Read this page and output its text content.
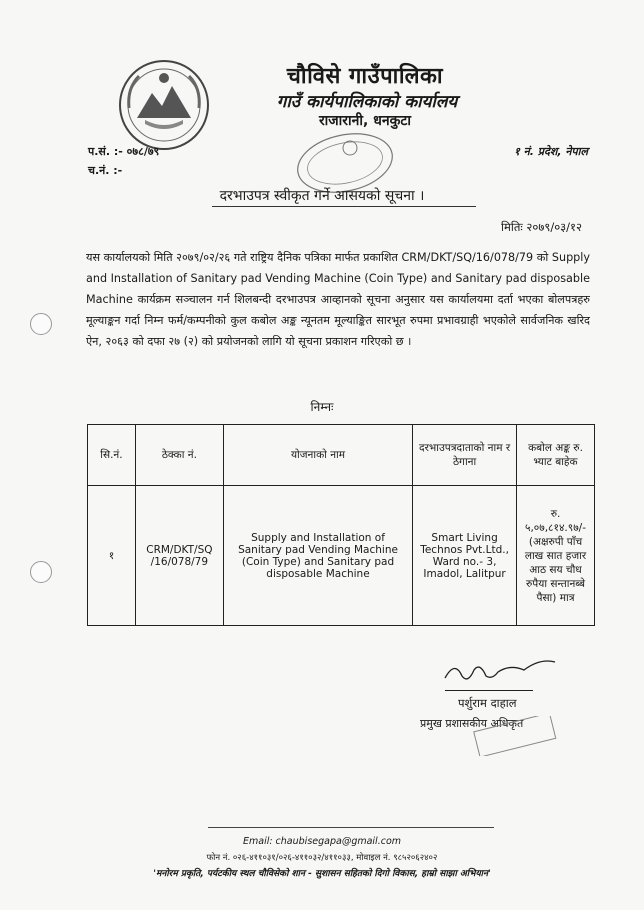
चौविसे गाउँपालिका
गाउँ कार्यपालिकाको कार्यालय
राजारानी, धनकुटा
प.सं. :- ०७८/७९
च.नं. :-
१ नं. प्रदेश, नेपाल
दरभाउपत्र स्वीकृत गर्ने आसयको सूचना ।
मितिः २०७९/०३/१२
यस कार्यालयको मिति २०७९/०२/२६ गते राष्ट्रिय दैनिक पत्रिका मार्फत प्रकाशित CRM/DKT/SQ/16/078/79 को Supply and Installation of Sanitary pad Vending Machine (Coin Type) and Sanitary pad disposable Machine कार्यक्रम सञ्चालन गर्न शिलबन्दी दरभाउपत्र आव्हानको सूचना अनुसार यस कार्यालयमा दर्ता भएका बोलपत्रहरु मूल्याङ्कन गर्दा निम्न फर्म/कम्पनीको कुल कबोल अङ्क न्यूनतम मूल्याङ्कित सारभूत रुपमा प्रभावग्राही भएकोले सार्वजनिक खरिद ऐन, २०६३ को दफा २७ (२) को प्रयोजनको लागि यो सूचना प्रकाशन गरिएको छ ।
निम्नः
सि.नं.	ठेक्का नं.	योजनाको नाम	दरभाउपत्रदाताको नाम र ठेगाना	कबोल अङ्क रु. भ्याट बाहेक
१	CRM/DKT/SQ /16/078/79	Supply and Installation of Sanitary pad Vending Machine (Coin Type) and Sanitary pad disposable Machine	Smart Living Technos Pvt.Ltd., Ward no.- 3, Imadol, Lalitpur	रु. ५,०७,८१४.९७/- (अक्षरुपी पाँच लाख सात हजार आठ सय चौध रुपैया सन्तानब्बे पैसा) मात्र
पर्शुराम दाहाल
प्रमुख प्रशासकीय अधिकृत
Email: chaubisegapa@gmail.com
फोन नं. ०२६-४११०३१/०२६-४११०३२/४११०३३, मोवाइल नं. ९८५२०६२४०२
'मनोरम प्रकृति, पर्यटकीय स्थल चौविसेको शान - सुशासन सहितको दिगो विकास, हाम्रो साझा अभियान'
